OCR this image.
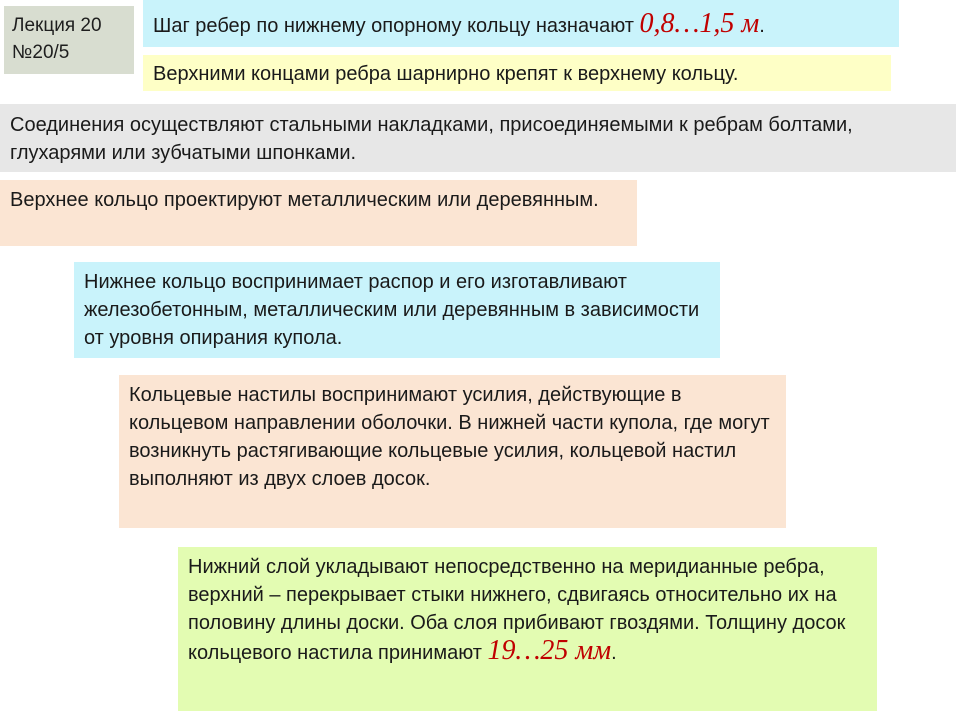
Лекция 20
№20/5
Шаг ребер по нижнему опорному кольцу назначают 0,8…1,5 м.
Верхними концами ребра шарнирно крепят к верхнему кольцу.
Соединения осуществляют стальными накладками, присоединяемыми к ребрам болтами, глухарями или зубчатыми шпонками.
Верхнее кольцо проектируют металлическим или деревянным.
Нижнее кольцо воспринимает распор и его изготавливают железобетонным, металлическим или деревянным в зависимости от уровня опирания купола.
Кольцевые настилы воспринимают усилия, действующие в кольцевом направлении оболочки. В нижней части купола, где могут возникнуть растягивающие кольцевые усилия, кольцевой настил выполняют из двух слоев досок.
Нижний слой укладывают непосредственно на меридианные ребра, верхний – перекрывает стыки нижнего, сдвигаясь относительно их на половину длины доски. Оба слоя прибивают гвоздями. Толщину досок кольцевого настила принимают 19…25 мм.
